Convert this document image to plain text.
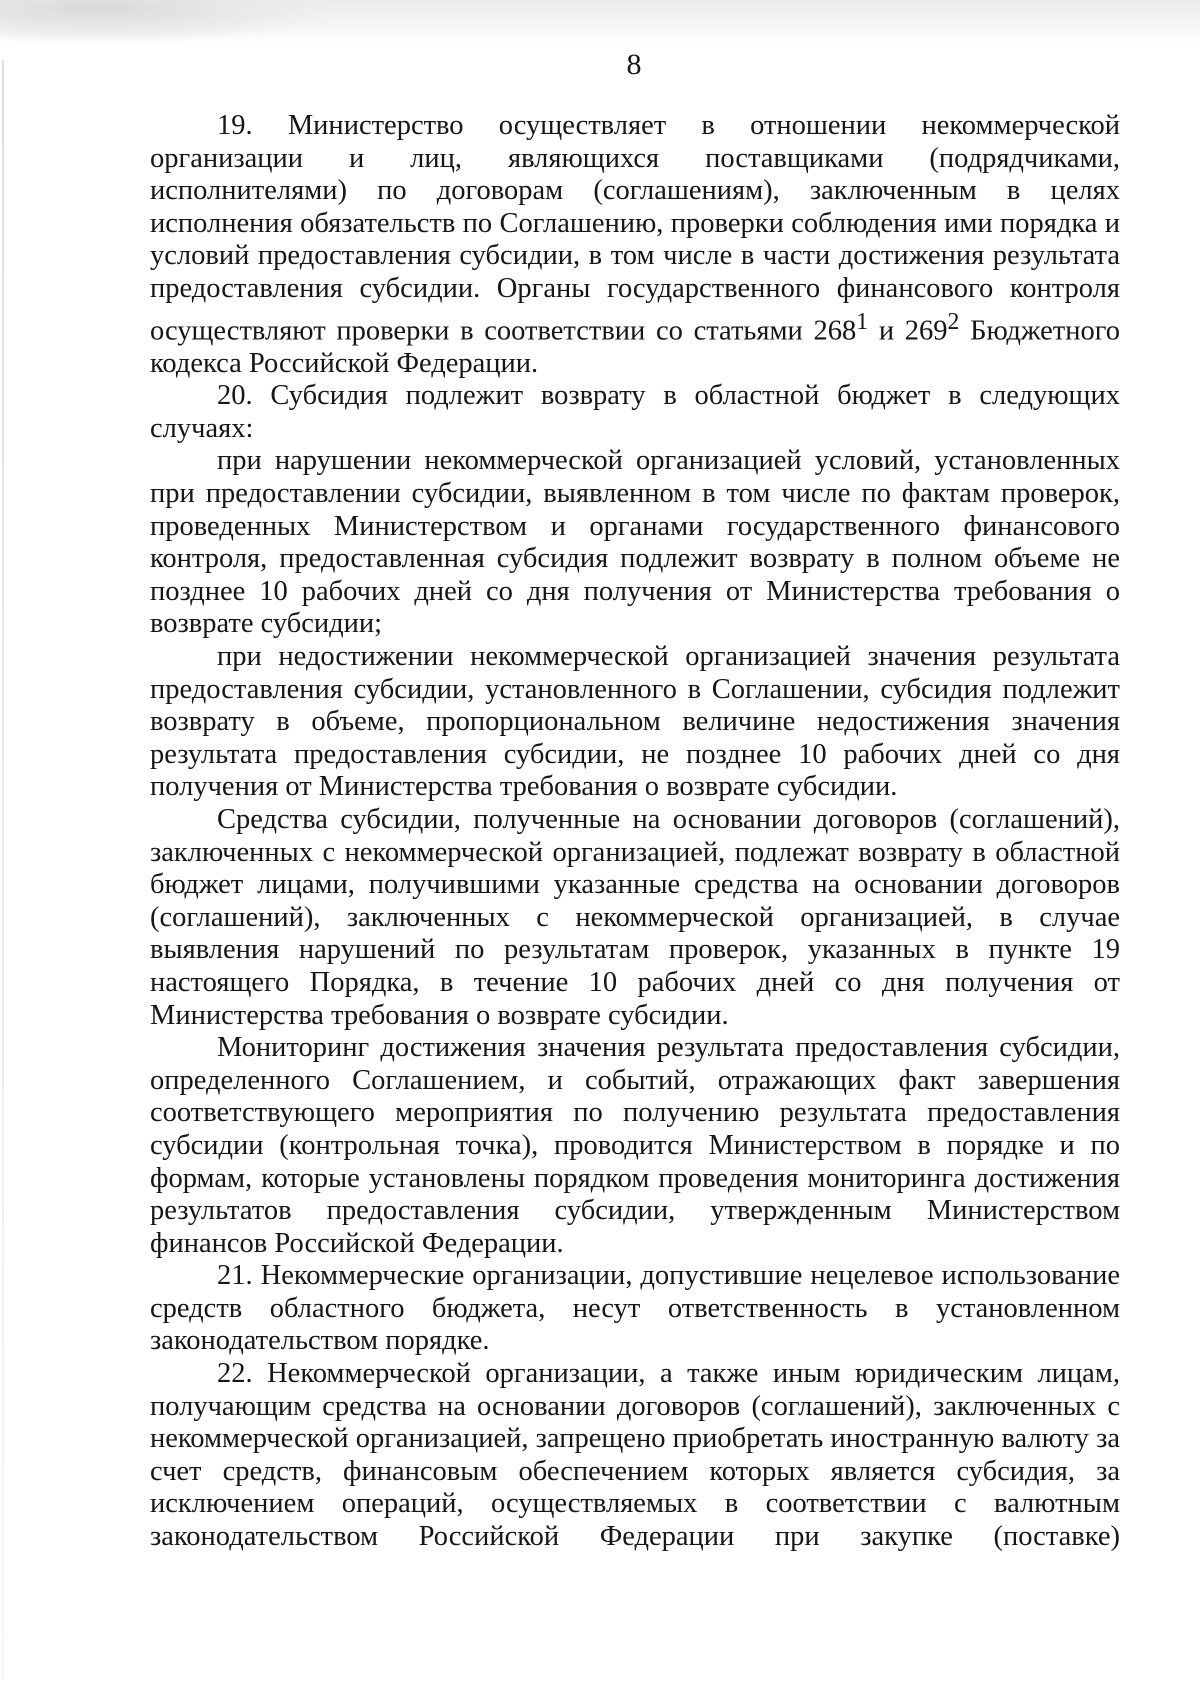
8

19. Министерство осуществляет в отношении некоммерческой организации и лиц, являющихся поставщиками (подрядчиками, исполнителями) по договорам (соглашениям), заключенным в целях исполнения обязательств по Соглашению, проверки соблюдения ими порядка и условий предоставления субсидии, в том числе в части достижения результата предоставления субсидии. Органы государственного финансового контроля осуществляют проверки в соответствии со статьями $268^1$ и $269^2$ Бюджетного кодекса Российской Федерации.

20. Субсидия подлежит возврату в областной бюджет в следующих случаях:

при нарушении некоммерческой организацией условий, установленных при предоставлении субсидии, выявленном в том числе по фактам проверок, проведенных Министерством и органами государственного финансового контроля, предоставленная субсидия подлежит возврату в полном объеме не позднее 10 рабочих дней со дня получения от Министерства требования о возврате субсидии;

при недостижении некоммерческой организацией значения результата предоставления субсидии, установленного в Соглашении, субсидия подлежит возврату в объеме, пропорциональном величине недостижения значения результата предоставления субсидии, не позднее 10 рабочих дней со дня получения от Министерства требования о возврате субсидии.

Средства субсидии, полученные на основании договоров (соглашений), заключенных с некоммерческой организацией, подлежат возврату в областной бюджет лицами, получившими указанные средства на основании договоров (соглашений), заключенных с некоммерческой организацией, в случае выявления нарушений по результатам проверок, указанных в пункте 19 настоящего Порядка, в течение 10 рабочих дней со дня получения от Министерства требования о возврате субсидии.

Мониторинг достижения значения результата предоставления субсидии, определенного Соглашением, и событий, отражающих факт завершения соответствующего мероприятия по получению результата предоставления субсидии (контрольная точка), проводится Министерством в порядке и по формам, которые установлены порядком проведения мониторинга достижения результатов предоставления субсидии, утвержденным Министерством финансов Российской Федерации.

21. Некоммерческие организации, допустившие нецелевое использование средств областного бюджета, несут ответственность в установленном законодательством порядке.

22. Некоммерческой организации, а также иным юридическим лицам, получающим средства на основании договоров (соглашений), заключенных с некоммерческой организацией, запрещено приобретать иностранную валюту за счет средств, финансовым обеспечением которых является субсидия, за исключением операций, осуществляемых в соответствии с валютным законодательством Российской Федерации при закупке (поставке)
